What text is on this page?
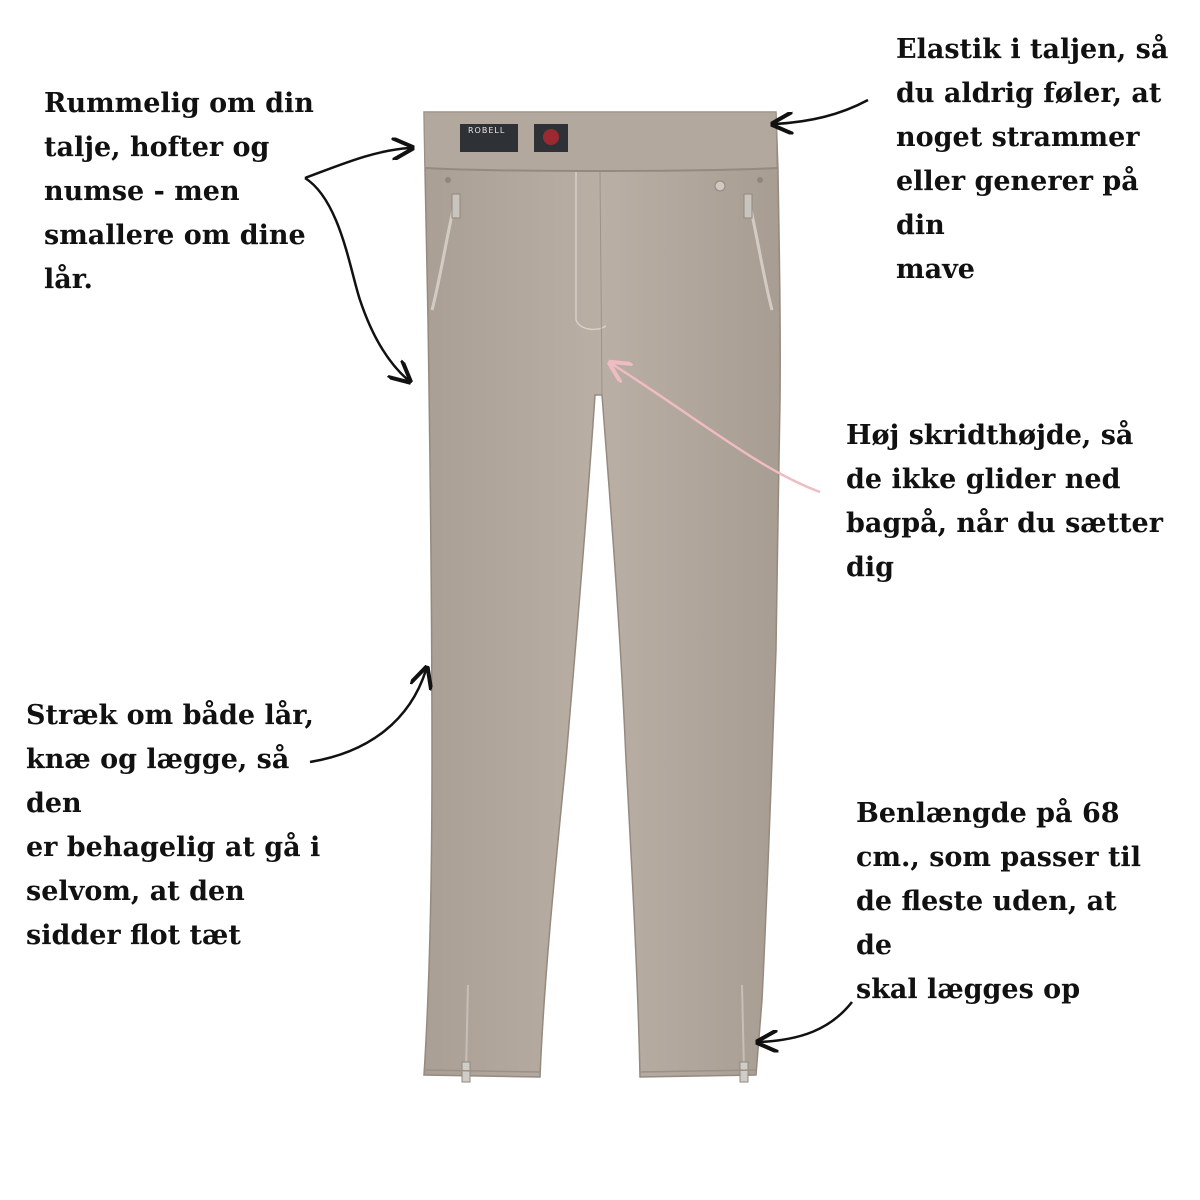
ROBELL

Rummelig om din
talje, hofter og
numse - men
smallere om dine
lår.

Elastik i taljen, så
du aldrig føler, at
noget strammer
eller generer på din
mave

Høj skridthøjde, så
de ikke glider ned
bagpå, når du sætter
dig

Stræk om både lår,
knæ og lægge, så den
er behagelig at gå i
selvom, at den
sidder flot tæt

Benlængde på 68
cm., som passer til
de fleste uden, at de
skal lægges op
